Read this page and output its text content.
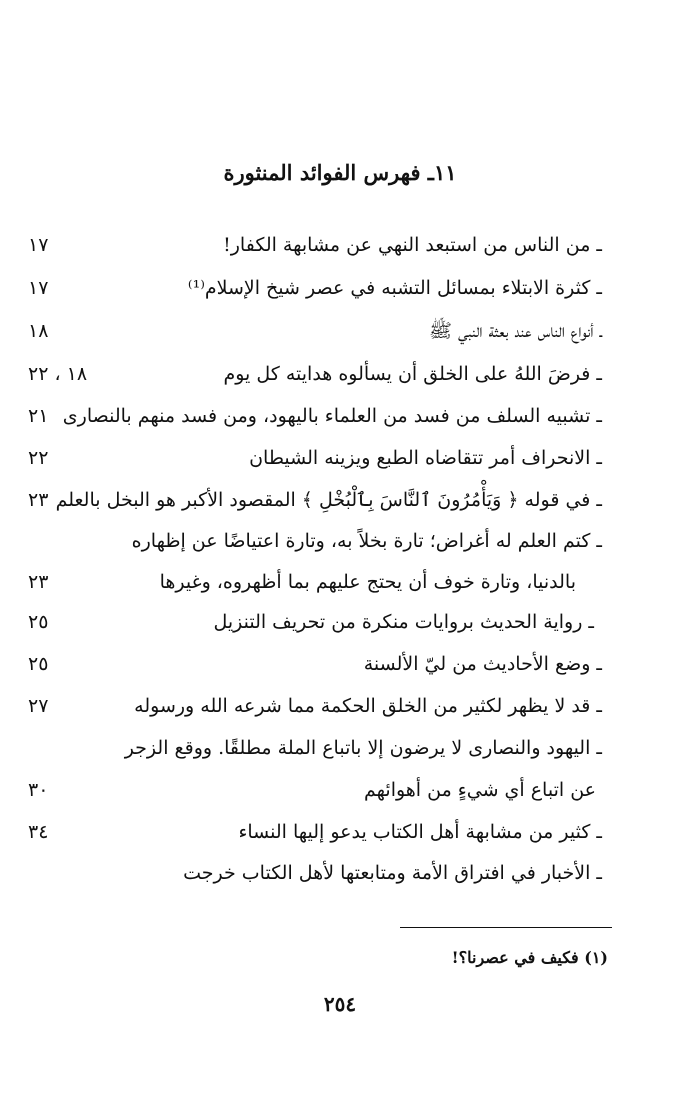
١١ـ فهرس الفوائد المنثورة
ـ من الناس من استبعد النهي عن مشابهة الكفار!
١٧
ـ كثرة الابتلاء بمسائل التشبه في عصر شيخ الإسلام⁽¹⁾
١٧
ـ أنواع الناس عند بعثة النبي ﷺ
١٨
ـ فرضَ اللهُ على الخلق أن يسألوه هدايته كل يوم
١٨ ، ٢٢
ـ تشبيه السلف من فسد من العلماء باليهود، ومن فسد منهم بالنصارى
٢١
ـ الانحراف أمر تتقاضاه الطبع ويزينه الشيطان
٢٢
ـ في قوله ﴿ وَيَأْمُرُونَ ٱلنَّاسَ بِٱلْبُخْلِ ﴾ المقصود الأكبر هو البخل بالعلم
٢٣
ـ كتم العلم له أغراض؛ تارة بخلاً به، وتارة اعتياضًا عن إظهاره
بالدنيا، وتارة خوف أن يحتج عليهم بما أظهروه، وغيرها
٢٣
ـ رواية الحديث بروايات منكرة من تحريف التنزيل
٢٥
ـ وضع الأحاديث من ليّ الألسنة
٢٥
ـ قد لا يظهر لكثير من الخلق الحكمة مما شرعه الله ورسوله
٢٧
ـ اليهود والنصارى لا يرضون إلا باتباع الملة مطلقًا. ووقع الزجر
عن اتباع أي شيءٍ من أهوائهم
٣٠
ـ كثير من مشابهة أهل الكتاب يدعو إليها النساء
٣٤
ـ الأخبار في افتراق الأمة ومتابعتها لأهل الكتاب خرجت
(١) فكيف في عصرنا؟!
٢٥٤
